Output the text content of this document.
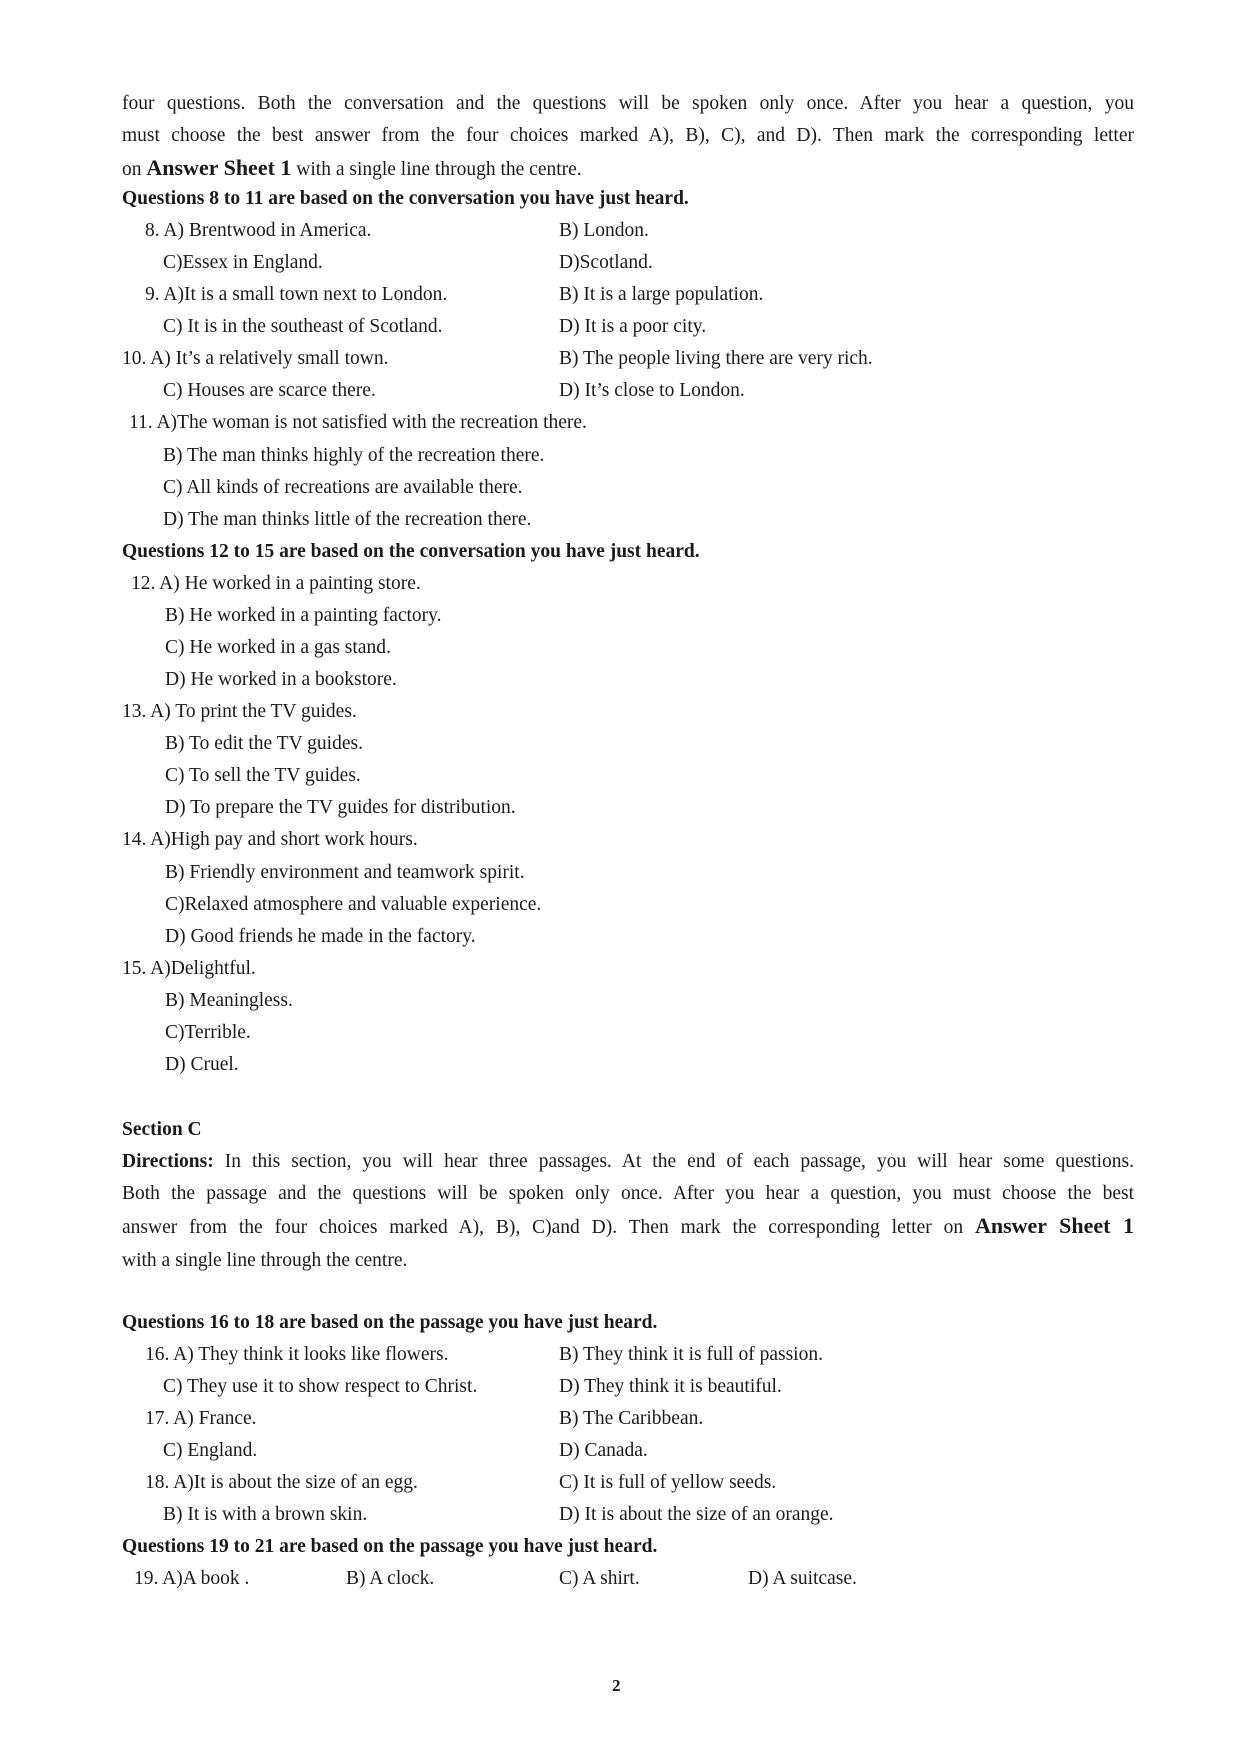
four questions. Both the conversation and the questions will be spoken only once. After you hear a question, you
must choose the best answer from the four choices marked A), B), C), and D). Then mark the corresponding letter
on Answer Sheet 1 with a single line through the centre.
Questions 8 to 11 are based on the conversation you have just heard.
8. A) Brentwood in America.	B) London.
C)Essex in England.	D)Scotland.
9. A)It is a small town next to London.	B) It is a large population.
C) It is in the southeast of Scotland.	D) It is a poor city.
10. A) It’s a relatively small town.	B) The people living there are very rich.
C) Houses are scarce there.	D) It’s close to London.
11. A)The woman is not satisfied with the recreation there.
B) The man thinks highly of the recreation there.
C) All kinds of recreations are available there.
D) The man thinks little of the recreation there.
Questions 12 to 15 are based on the conversation you have just heard.
12. A) He worked in a painting store.
B) He worked in a painting factory.
C) He worked in a gas stand.
D) He worked in a bookstore.
13. A) To print the TV guides.
B) To edit the TV guides.
C) To sell the TV guides.
D) To prepare the TV guides for distribution.
14. A)High pay and short work hours.
B) Friendly environment and teamwork spirit.
C)Relaxed atmosphere and valuable experience.
D) Good friends he made in the factory.
15. A)Delightful.
B) Meaningless.
C)Terrible.
D) Cruel.
Section C
Directions: In this section, you will hear three passages. At the end of each passage, you will hear some questions.
Both the passage and the questions will be spoken only once. After you hear a question, you must choose the best
answer from the four choices marked A), B), C)and D). Then mark the corresponding letter on Answer Sheet 1
with a single line through the centre.
Questions 16 to 18 are based on the passage you have just heard.
16. A) They think it looks like flowers.	B) They think it is full of passion.
C) They use it to show respect to Christ.	D) They think it is beautiful.
17. A) France.	B) The Caribbean.
C) England.	D) Canada.
18. A)It is about the size of an egg.	C) It is full of yellow seeds.
B) It is with a brown skin.	D) It is about the size of an orange.
Questions 19 to 21 are based on the passage you have just heard.
19. A)A book .	B) A clock.	C) A shirt.	D) A suitcase.
2
